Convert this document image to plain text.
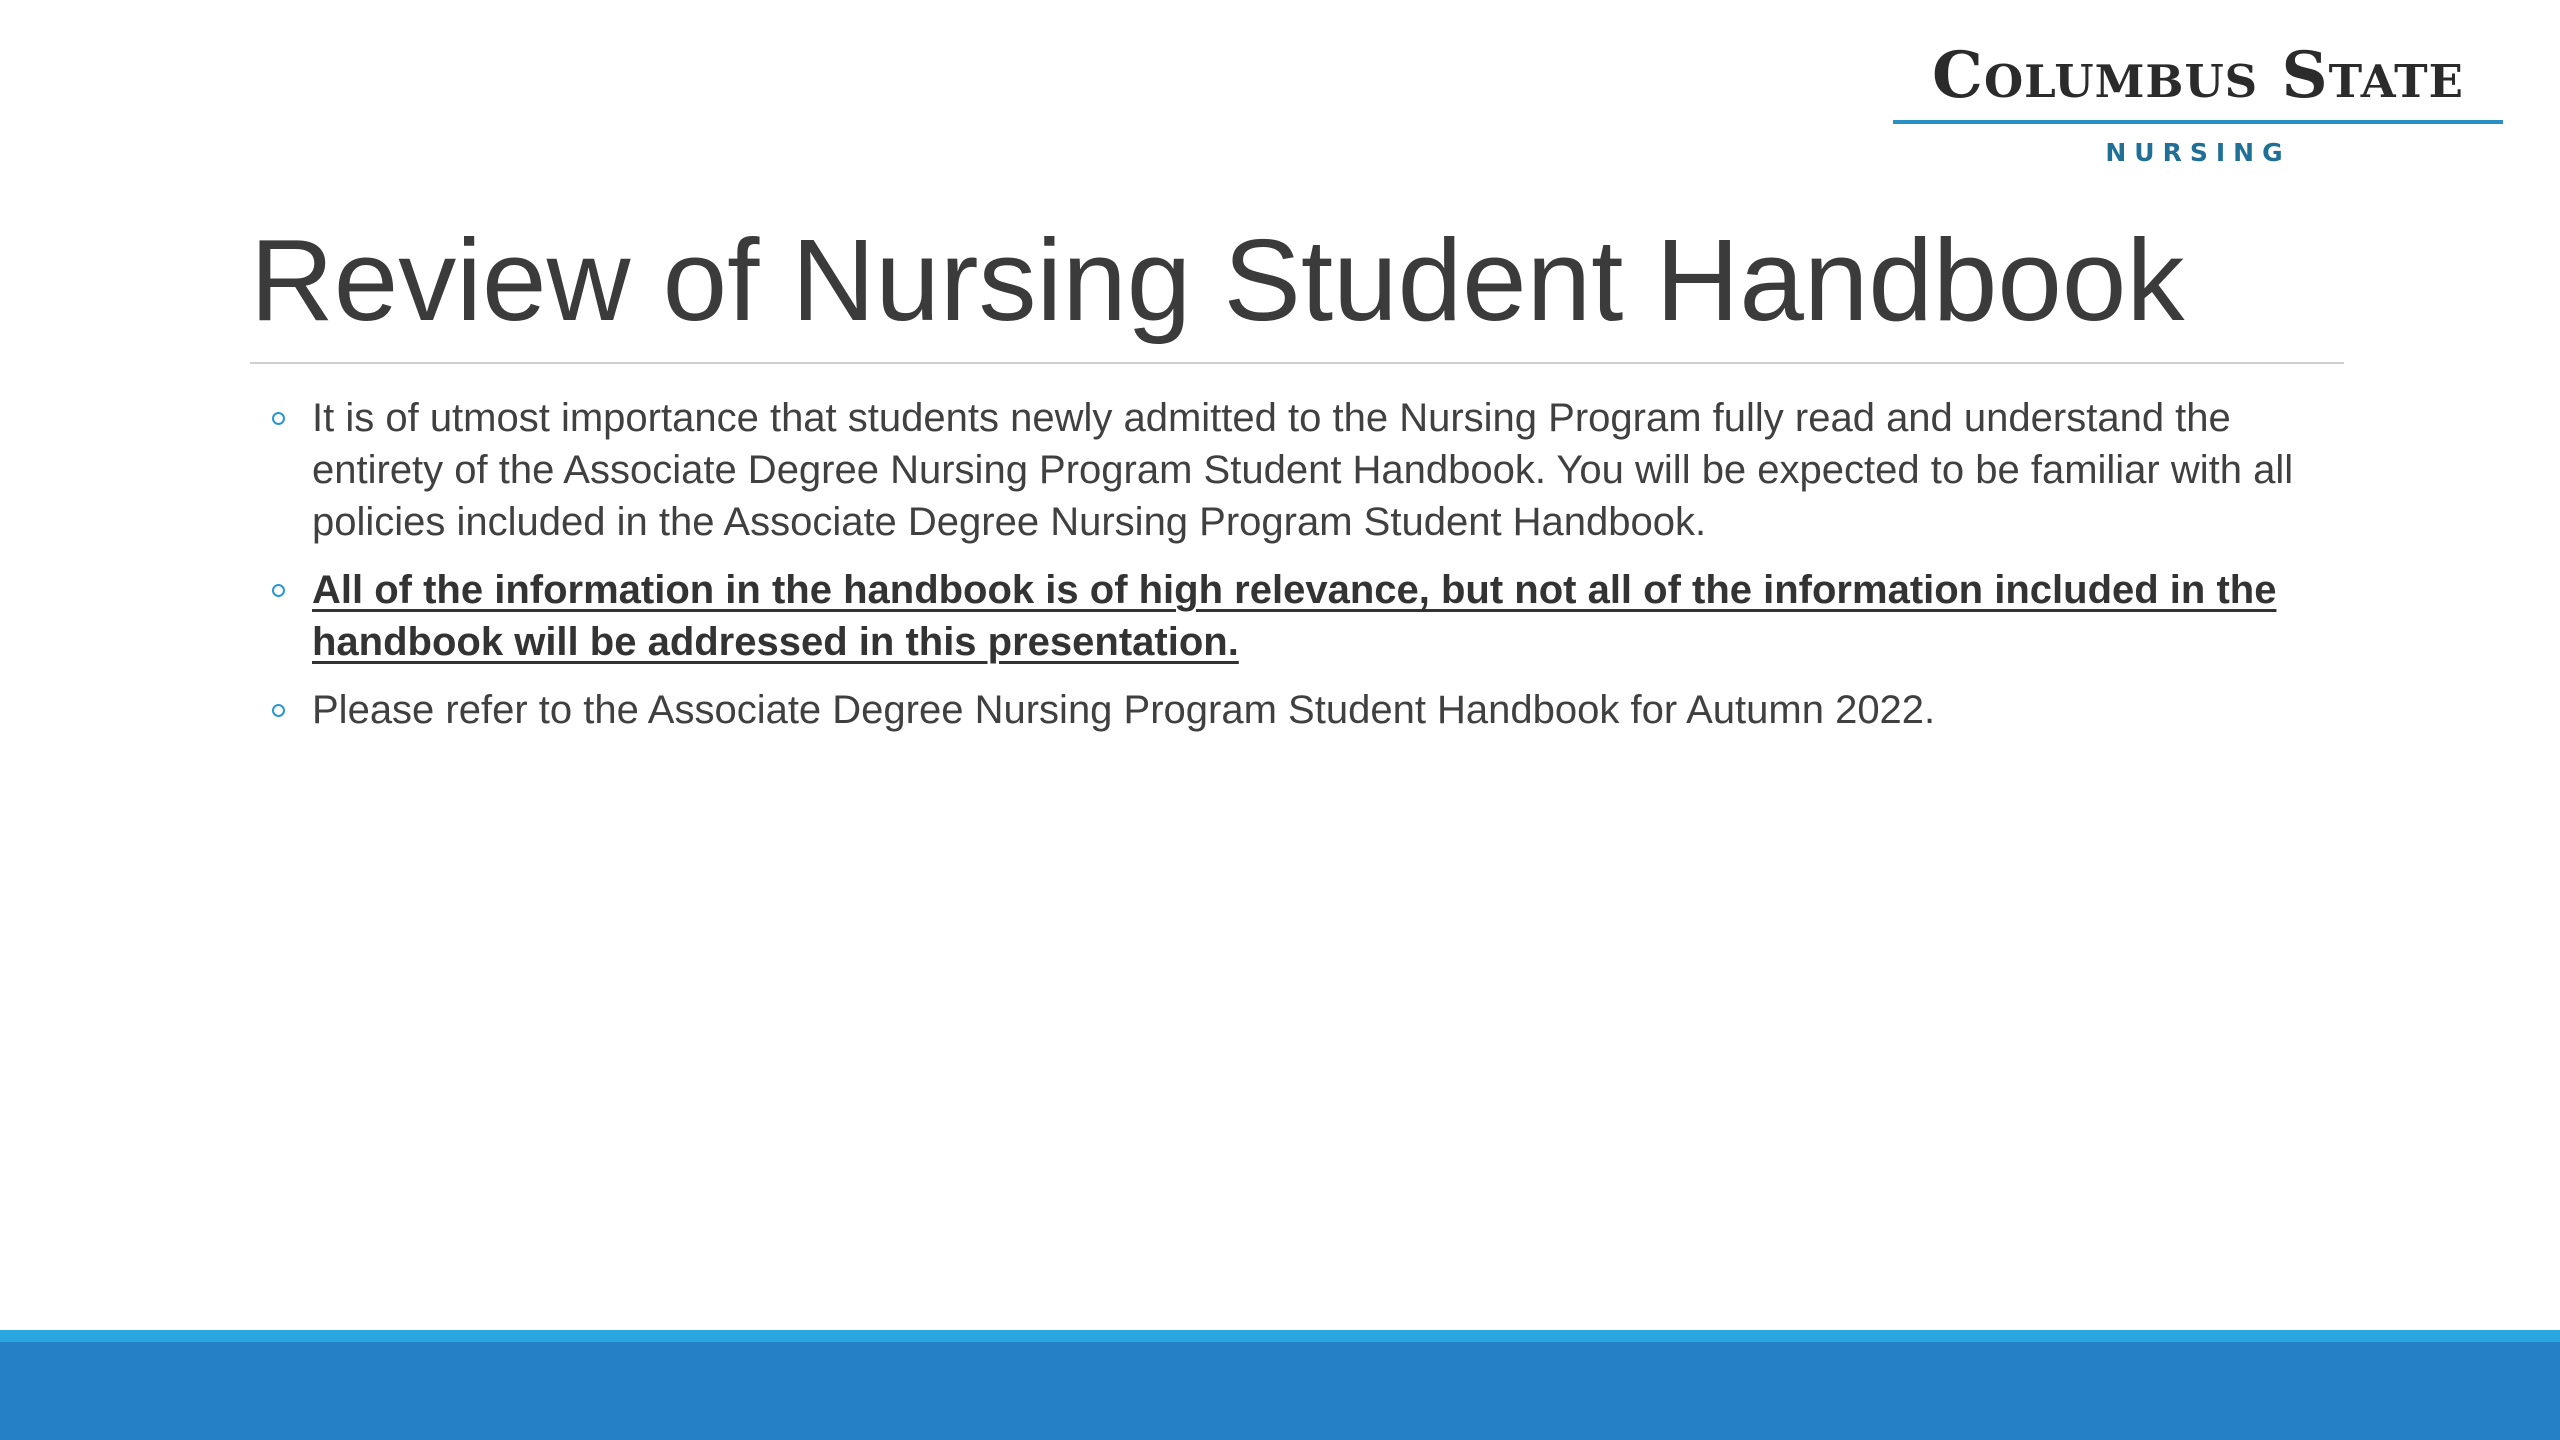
Columbus State
NURSING
Review of Nursing Student Handbook
It is of utmost importance that students newly admitted to the Nursing Program fully read and understand the entirety of the Associate Degree Nursing Program Student Handbook. You will be expected to be familiar with all policies included in the Associate Degree Nursing Program Student Handbook.
All of the information in the handbook is of high relevance, but not all of the information included in the handbook will be addressed in this presentation.
Please refer to the Associate Degree Nursing Program Student Handbook for Autumn 2022.
